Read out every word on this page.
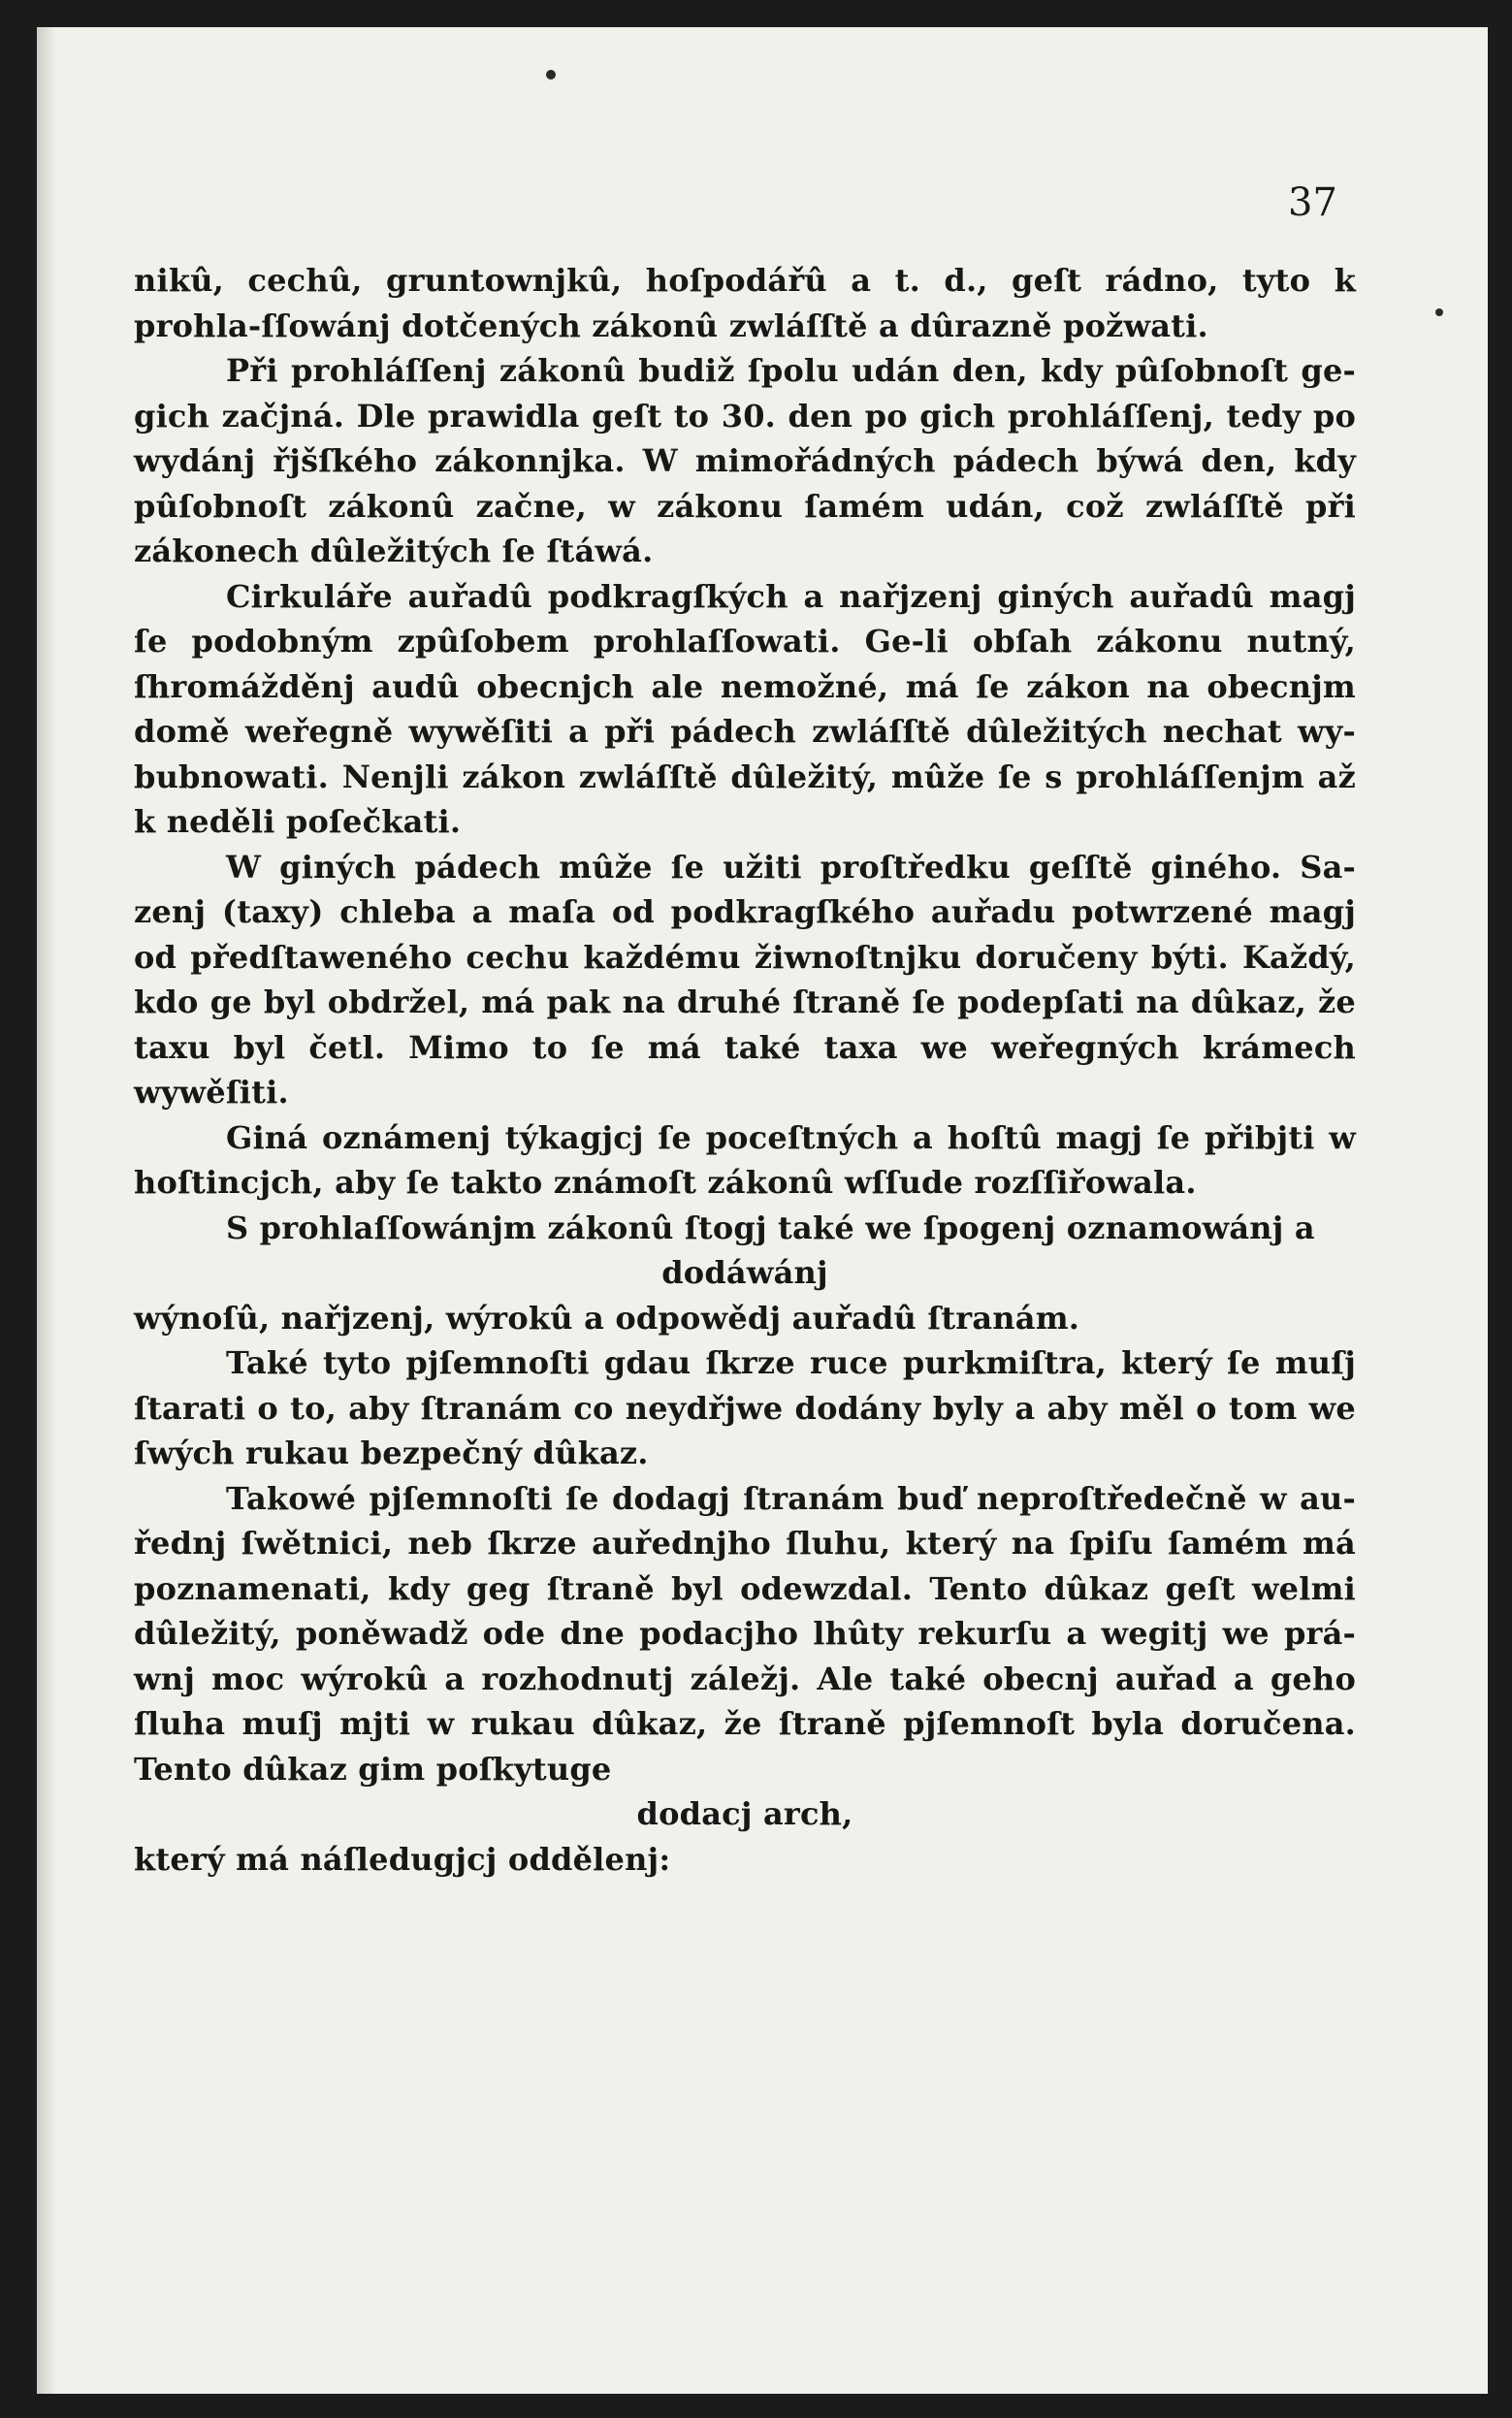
37

nikû, cechû, gruntownjkû, hoſpodářû a t. d., geſt rádno, tyto k prohla-ſſowánj dotčených zákonû zwláſſtě a dûrazně požwati.

Při prohláſſenj zákonû budiž ſpolu udán den, kdy pûſobnoſt ge-gich začjná. Dle prawidla geſt to 30. den po gich prohláſſenj, tedy po wydánj řjšſkého zákonnjka. W mimořádných pádech býwá den, kdy pûſobnoſt zákonû začne, w zákonu ſamém udán, což zwláſſtě při zákonech dûležitých ſe ſtáwá.

Cirkuláře auřadû podkragſkých a nařjzenj giných auřadû magj ſe podobným zpûſobem prohlaſſowati. Ge-li obſah zákonu nutný, ſhromážděnj audû obecnjch ale nemožné, má ſe zákon na obecnjm domě weřegně wywěſiti a při pádech zwláſſtě dûležitých nechat wy-bubnowati. Nenjli zákon zwláſſtě dûležitý, mûže ſe s prohláſſenjm až k neděli poſečkati.

W giných pádech mûže ſe užiti proſtředku geſſtě giného. Sa-zenj (taxy) chleba a maſa od podkragſkého auřadu potwrzené magj od předſtaweného cechu každému žiwnoſtnjku doručeny býti. Každý, kdo ge byl obdržel, má pak na druhé ſtraně ſe podepſati na dûkaz, že taxu byl četl. Mimo to ſe má také taxa we weřegných krámech wywěſiti.

Giná oznámenj týkagjcj ſe poceſtných a hoſtû magj ſe přibjti w hoſtincjch, aby ſe takto známoſt zákonû wſſude rozſſiřowala.

S prohlaſſowánjm zákonû ſtogj také we ſpogenj oznamowánj a

dodáwánj

wýnoſû, nařjzenj, wýrokû a odpowědj auřadû ſtranám.

Také tyto pjſemnoſti gdau ſkrze ruce purkmiſtra, který ſe muſj ſtarati o to, aby ſtranám co neydřjwe dodány byly a aby měl o tom we ſwých rukau bezpečný dûkaz.

Takowé pjſemnoſti ſe dodagj ſtranám buď neproſtředečně w au-řednj ſwětnici, neb ſkrze auřednjho ſluhu, který na ſpiſu ſamém má poznamenati, kdy geg ſtraně byl odewzdal. Tento dûkaz geſt welmi dûležitý, poněwadž ode dne podacjho lhûty rekurſu a wegitj we prá-wnj moc wýrokû a rozhodnutj záležj. Ale také obecnj auřad a geho ſluha muſj mjti w rukau dûkaz, že ſtraně pjſemnoſt byla doručena. Tento dûkaz gim poſkytuge

dodacj arch,

který má náſledugjcj oddělenj:
